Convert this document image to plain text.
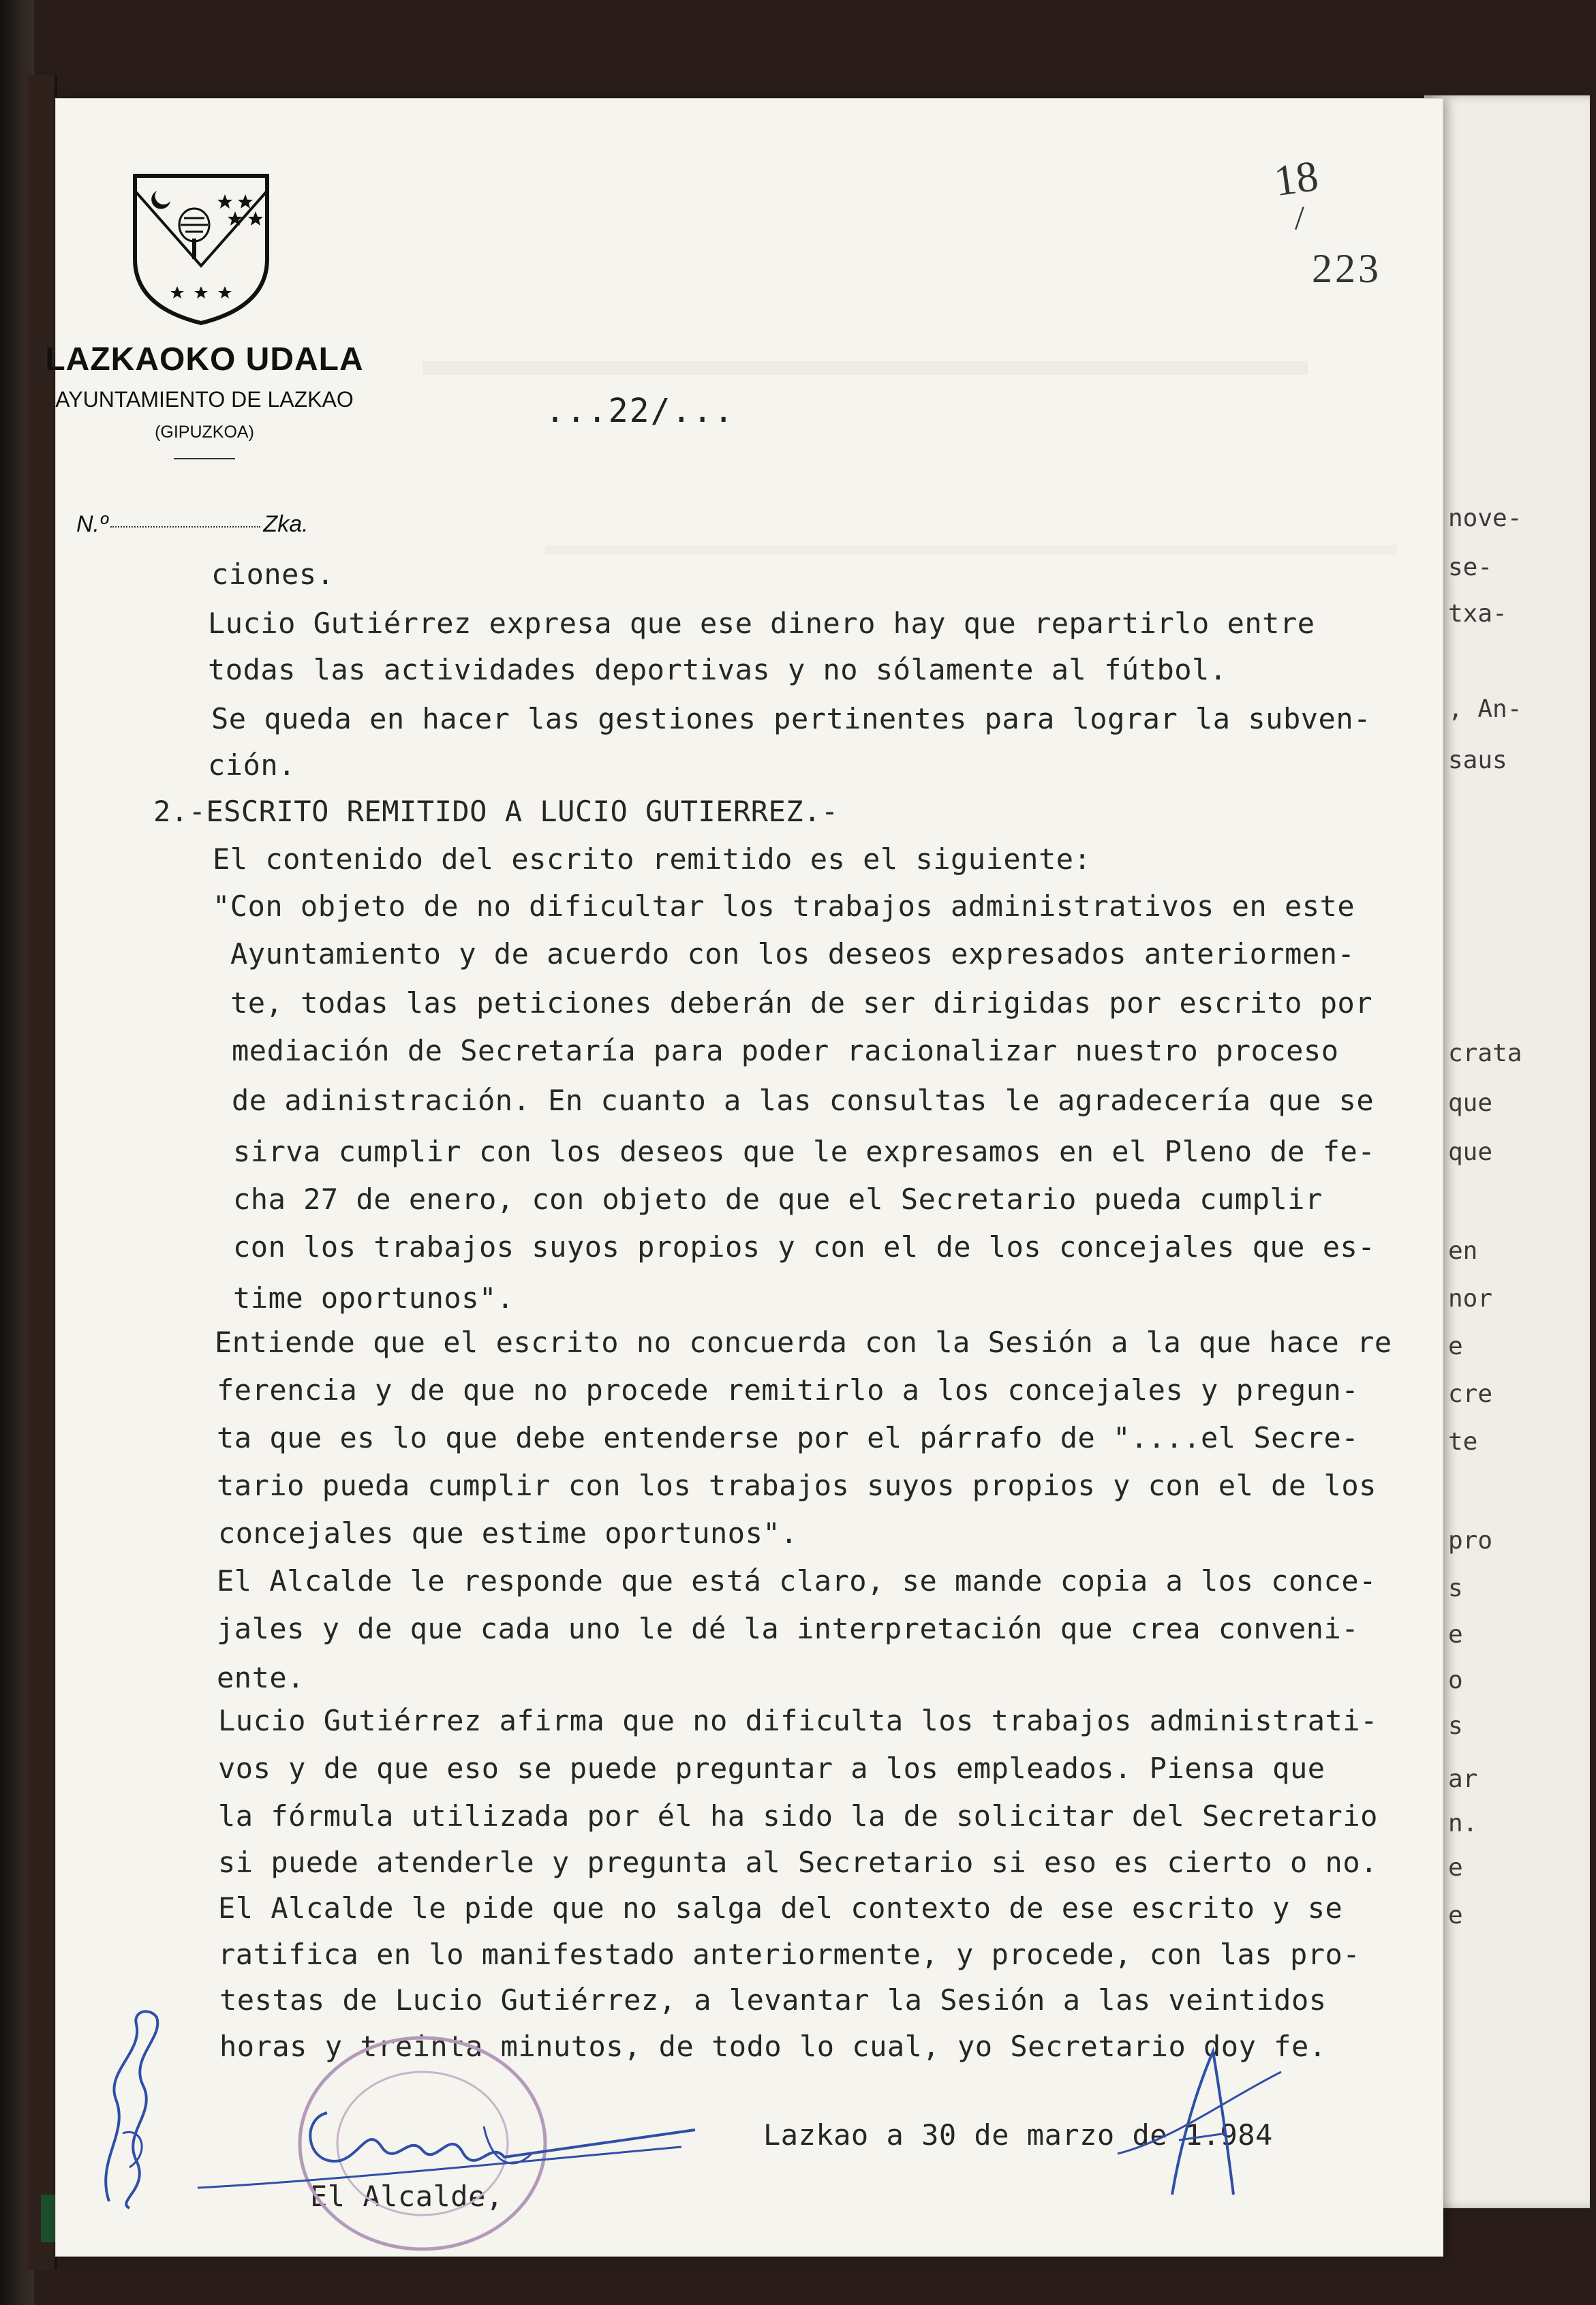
LAZKAOKO UDALA
AYUNTAMIENTO DE LAZKAO
(GIPUZKOA)
...22/...
N.º	Zka.
18
/
223
ciones.
Lucio Gutiérrez expresa que ese dinero hay que repartirlo entre
todas las actividades deportivas y no sólamente al fútbol.
Se queda en hacer las gestiones pertinentes para lograr la subven-
ción.
2.-ESCRITO REMITIDO A LUCIO GUTIERREZ.-
El contenido del escrito remitido es el siguiente:
"Con objeto de no dificultar los trabajos administrativos en este
Ayuntamiento y de acuerdo con los deseos expresados anteriormen-
te, todas las peticiones deberán de ser dirigidas por escrito por
mediación de Secretaría para poder racionalizar nuestro proceso
de adinistración. En cuanto a las consultas le agradecería que se
sirva cumplir con los deseos que le expresamos en el Pleno de fe-
cha 27 de enero, con objeto de que el Secretario pueda cumplir
con los trabajos suyos propios y con el de los concejales que es-
time oportunos".
Entiende que el escrito no concuerda con la Sesión a la que hace re
ferencia y de que no procede remitirlo a los concejales y pregun-
ta que es lo que debe entenderse por el párrafo de "....el Secre-
tario pueda cumplir con los trabajos suyos propios y con el de los
concejales que estime oportunos".
El Alcalde le responde que está claro, se mande copia a los conce-
jales y de que cada uno le dé la interpretación que crea conveni-
ente.
Lucio Gutiérrez afirma que no dificulta los trabajos administrati-
vos y de que eso se puede preguntar a los empleados. Piensa que
la fórmula utilizada por él ha sido la de solicitar del Secretario
si puede atenderle y pregunta al Secretario si eso es cierto o no.
El Alcalde le pide que no salga del contexto de ese escrito y se
ratifica en lo manifestado anteriormente, y procede, con las pro-
testas de Lucio Gutiérrez, a levantar la Sesión a las veintidos
horas y treinta minutos, de todo lo cual, yo Secretario doy fe.
Lazkao a 30 de marzo de 1.984
El Alcalde,
nove-
se-
txa-
, An-
saus
crata
que
que
en
nor
e
cre
te
pro
s
e
o
s
ar
n.
e
e
